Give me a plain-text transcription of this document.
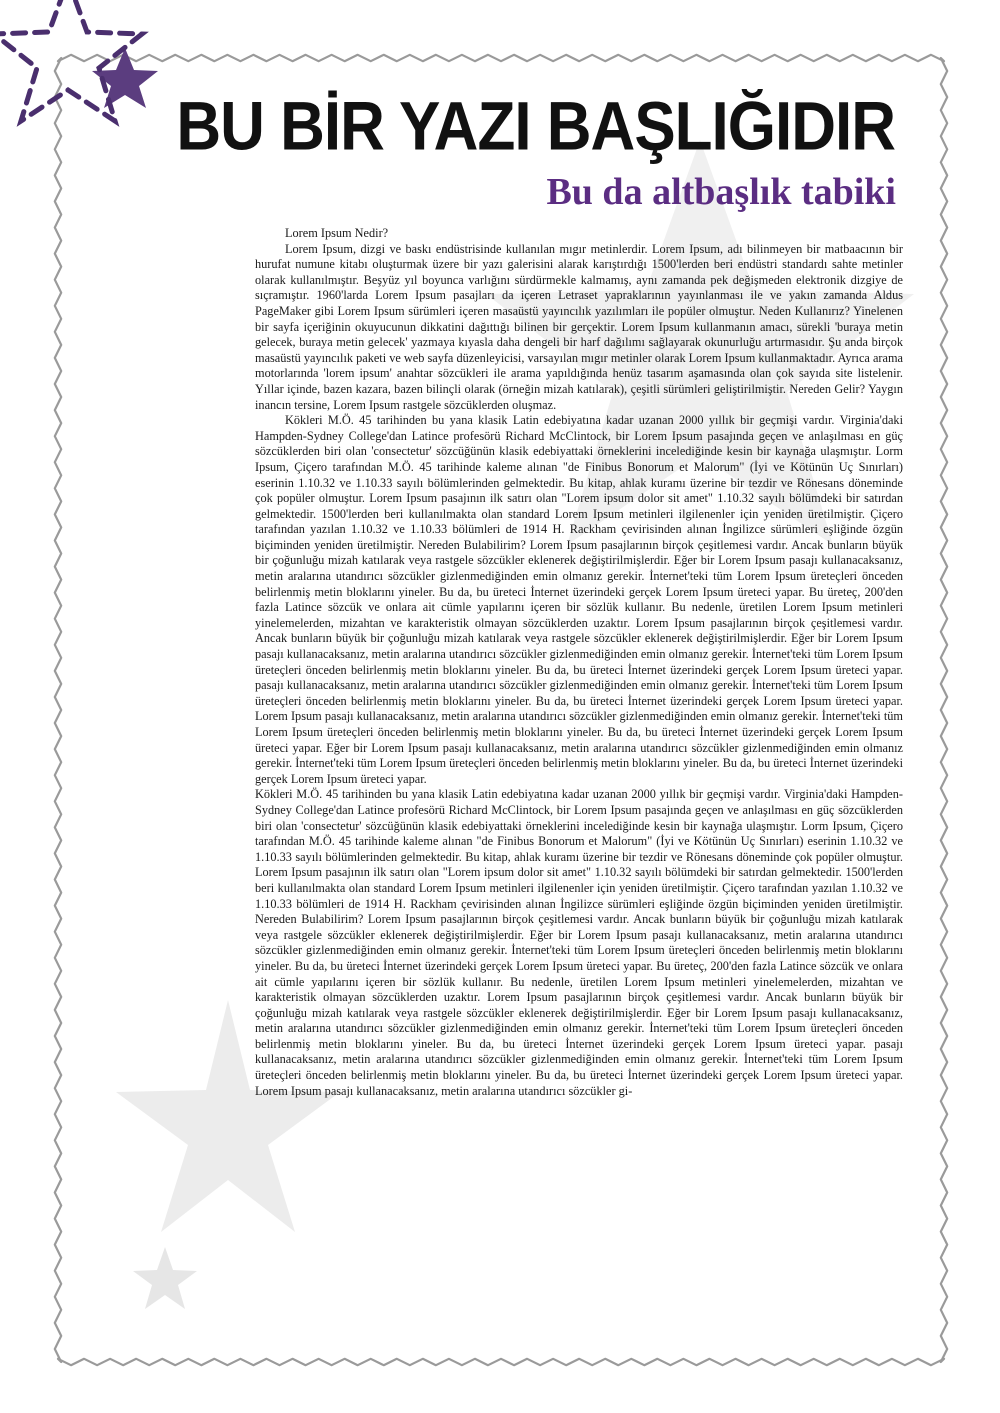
BU BİR YAZI BAŞLIĞIDIR
Bu da altbaşlık tabiki

Lorem Ipsum Nedir?

Lorem Ipsum, dizgi ve baskı endüstrisinde kullanılan mıgır metinlerdir. Lorem Ipsum, adı bilinmeyen bir matbaacının bir hurufat numune kitabı oluşturmak üzere bir yazı galerisini alarak karıştırdığı 1500'lerden beri endüstri standardı sahte metinler olarak kullanılmıştır. Beşyüz yıl boyunca varlığını sürdürmekle kalmamış, aynı zamanda pek değişmeden elektronik dizgiye de sıçramıştır. 1960'larda Lorem Ipsum pasajları da içeren Letraset yapraklarının yayınlanması ile ve yakın zamanda Aldus PageMaker gibi Lorem Ipsum sürümleri içeren masaüstü yayıncılık yazılımları ile popüler olmuştur. Neden Kullanırız? Yinelenen bir sayfa içeriğinin okuyucunun dikkatini dağıttığı bilinen bir gerçektir. Lorem Ipsum kullanmanın amacı, sürekli 'buraya metin gelecek, buraya metin gelecek' yazmaya kıyasla daha dengeli bir harf dağılımı sağlayarak okunurluğu artırmasıdır. Şu anda birçok masaüstü yayıncılık paketi ve web sayfa düzenleyicisi, varsayılan mıgır metinler olarak Lorem Ipsum kullanmaktadır. Ayrıca arama motorlarında 'lorem ipsum' anahtar sözcükleri ile arama yapıldığında henüz tasarım aşamasında olan çok sayıda site listelenir. Yıllar içinde, bazen kazara, bazen bilinçli olarak (örneğin mizah katılarak), çeşitli sürümleri geliştirilmiştir. Nereden Gelir? Yaygın inancın tersine, Lorem Ipsum rastgele sözcüklerden oluşmaz.

Kökleri M.Ö. 45 tarihinden bu yana klasik Latin edebiyatına kadar uzanan 2000 yıllık bir geçmişi vardır. Virginia'daki Hampden-Sydney College'dan Latince profesörü Richard McClintock, bir Lorem Ipsum pasajında geçen ve anlaşılması en güç sözcüklerden biri olan 'consectetur' sözcüğünün klasik edebiyattaki örneklerini incelediğinde kesin bir kaynağa ulaşmıştır. Lorm Ipsum, Çiçero tarafından M.Ö. 45 tarihinde kaleme alınan "de Finibus Bonorum et Malorum" (İyi ve Kötünün Uç Sınırları) eserinin 1.10.32 ve 1.10.33 sayılı bölümlerinden gelmektedir. Bu kitap, ahlak kuramı üzerine bir tezdir ve Rönesans döneminde çok popüler olmuştur. Lorem Ipsum pasajının ilk satırı olan "Lorem ipsum dolor sit amet" 1.10.32 sayılı bölümdeki bir satırdan gelmektedir. 1500'lerden beri kullanılmakta olan standard Lorem Ipsum metinleri ilgilenenler için yeniden üretilmiştir. Çiçero tarafından yazılan 1.10.32 ve 1.10.33 bölümleri de 1914 H. Rackham çevirisinden alınan İngilizce sürümleri eşliğinde özgün biçiminden yeniden üretilmiştir. Nereden Bulabilirim? Lorem Ipsum pasajlarının birçok çeşitlemesi vardır. Ancak bunların büyük bir çoğunluğu mizah katılarak veya rastgele sözcükler eklenerek değiştirilmişlerdir. Eğer bir Lorem Ipsum pasajı kullanacaksanız, metin aralarına utandırıcı sözcükler gizlenmediğinden emin olmanız gerekir. İnternet'teki tüm Lorem Ipsum üreteçleri önceden belirlenmiş metin bloklarını yineler. Bu da, bu üreteci İnternet üzerindeki gerçek Lorem Ipsum üreteci yapar. Bu üreteç, 200'den fazla Latince sözcük ve onlara ait cümle yapılarını içeren bir sözlük kullanır. Bu nedenle, üretilen Lorem Ipsum metinleri yinelemelerden, mizahtan ve karakteristik olmayan sözcüklerden uzaktır. Lorem Ipsum pasajlarının birçok çeşitlemesi vardır. Ancak bunların büyük bir çoğunluğu mizah katılarak veya rastgele sözcükler eklenerek değiştirilmişlerdir. Eğer bir Lorem Ipsum pasajı kullanacaksanız, metin aralarına utandırıcı sözcükler gizlenmediğinden emin olmanız gerekir. İnternet'teki tüm Lorem Ipsum üreteçleri önceden belirlenmiş metin bloklarını yineler. Bu da, bu üreteci İnternet üzerindeki gerçek Lorem Ipsum üreteci yapar. pasajı kullanacaksanız, metin aralarına utandırıcı sözcükler gizlenmediğinden emin olmanız gerekir. İnternet'teki tüm Lorem Ipsum üreteçleri önceden belirlenmiş metin bloklarını yineler. Bu da, bu üreteci İnternet üzerindeki gerçek Lorem Ipsum üreteci yapar. Lorem Ipsum pasajı kullanacaksanız, metin aralarına utandırıcı sözcükler gizlenmediğinden emin olmanız gerekir. İnternet'teki tüm Lorem Ipsum üreteçleri önceden belirlenmiş metin bloklarını yineler. Bu da, bu üreteci İnternet üzerindeki gerçek Lorem Ipsum üreteci yapar. Eğer bir Lorem Ipsum pasajı kullanacaksanız, metin aralarına utandırıcı sözcükler gizlenmediğinden emin olmanız gerekir. İnternet'teki tüm Lorem Ipsum üreteçleri önceden belirlenmiş metin bloklarını yineler. Bu da, bu üreteci İnternet üzerindeki gerçek Lorem Ipsum üreteci yapar.

Kökleri M.Ö. 45 tarihinden bu yana klasik Latin edebiyatına kadar uzanan 2000 yıllık bir geçmişi vardır. Virginia'daki Hampden-Sydney College'dan Latince profesörü Richard McClintock, bir Lorem Ipsum pasajında geçen ve anlaşılması en güç sözcüklerden biri olan 'consectetur' sözcüğünün klasik edebiyattaki örneklerini incelediğinde kesin bir kaynağa ulaşmıştır. Lorm Ipsum, Çiçero tarafından M.Ö. 45 tarihinde kaleme alınan "de Finibus Bonorum et Malorum" (İyi ve Kötünün Uç Sınırları) eserinin 1.10.32 ve 1.10.33 sayılı bölümlerinden gelmektedir. Bu kitap, ahlak kuramı üzerine bir tezdir ve Rönesans döneminde çok popüler olmuştur. Lorem Ipsum pasajının ilk satırı olan "Lorem ipsum dolor sit amet" 1.10.32 sayılı bölümdeki bir satırdan gelmektedir. 1500'lerden beri kullanılmakta olan standard Lorem Ipsum metinleri ilgilenenler için yeniden üretilmiştir. Çiçero tarafından yazılan 1.10.32 ve 1.10.33 bölümleri de 1914 H. Rackham çevirisinden alınan İngilizce sürümleri eşliğinde özgün biçiminden yeniden üretilmiştir. Nereden Bulabilirim? Lorem Ipsum pasajlarının birçok çeşitlemesi vardır. Ancak bunların büyük bir çoğunluğu mizah katılarak veya rastgele sözcükler eklenerek değiştirilmişlerdir. Eğer bir Lorem Ipsum pasajı kullanacaksanız, metin aralarına utandırıcı sözcükler gizlenmediğinden emin olmanız gerekir. İnternet'teki tüm Lorem Ipsum üreteçleri önceden belirlenmiş metin bloklarını yineler. Bu da, bu üreteci İnternet üzerindeki gerçek Lorem Ipsum üreteci yapar. Bu üreteç, 200'den fazla Latince sözcük ve onlara ait cümle yapılarını içeren bir sözlük kullanır. Bu nedenle, üretilen Lorem Ipsum metinleri yinelemelerden, mizahtan ve karakteristik olmayan sözcüklerden uzaktır. Lorem Ipsum pasajlarının birçok çeşitlemesi vardır. Ancak bunların büyük bir çoğunluğu mizah katılarak veya rastgele sözcükler eklenerek değiştirilmişlerdir. Eğer bir Lorem Ipsum pasajı kullanacaksanız, metin aralarına utandırıcı sözcükler gizlenmediğinden emin olmanız gerekir. İnternet'teki tüm Lorem Ipsum üreteçleri önceden belirlenmiş metin bloklarını yineler. Bu da, bu üreteci İnternet üzerindeki gerçek Lorem Ipsum üreteci yapar. pasajı kullanacaksanız, metin aralarına utandırıcı sözcükler gizlenmediğinden emin olmanız gerekir. İnternet'teki tüm Lorem Ipsum üreteçleri önceden belirlenmiş metin bloklarını yineler. Bu da, bu üreteci İnternet üzerindeki gerçek Lorem Ipsum üreteci yapar. Lorem Ipsum pasajı kullanacaksanız, metin aralarına utandırıcı sözcükler gi-
